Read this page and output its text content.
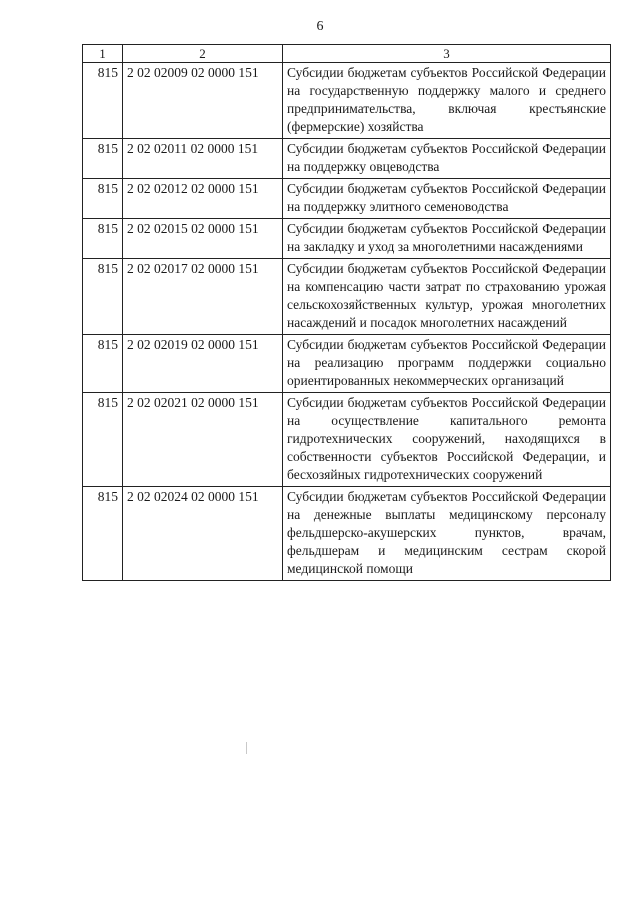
6
1	2	3
815	2 02 02009 02 0000 151	Субсидии бюджетам субъектов Российской Федерации на государственную поддержку малого и среднего предпринимательства, включая крестьянские (фермерские) хозяйства
815	2 02 02011 02 0000 151	Субсидии бюджетам субъектов Российской Федерации на поддержку овцеводства
815	2 02 02012 02 0000 151	Субсидии бюджетам субъектов Российской Федерации на поддержку элитного семеноводства
815	2 02 02015 02 0000 151	Субсидии бюджетам субъектов Российской Федерации на закладку и уход за многолетними насаждениями
815	2 02 02017 02 0000 151	Субсидии бюджетам субъектов Российской Федерации на компенсацию части затрат по страхованию урожая сельскохозяйственных культур, урожая многолетних насаждений и посадок многолетних насаждений
815	2 02 02019 02 0000 151	Субсидии бюджетам субъектов Российской Федерации на реализацию программ поддержки социально ориентированных некоммерческих организаций
815	2 02 02021 02 0000 151	Субсидии бюджетам субъектов Российской Федерации на осуществление капитального ремонта гидротехнических сооружений, находящихся в собственности субъектов Российской Федерации, и бесхозяйных гидротехнических сооружений
815	2 02 02024 02 0000 151	Субсидии бюджетам субъектов Российской Федерации на денежные выплаты медицинскому персоналу фельдшерско-акушерских пунктов, врачам, фельдшерам и медицинским сестрам скорой медицинской помощи
